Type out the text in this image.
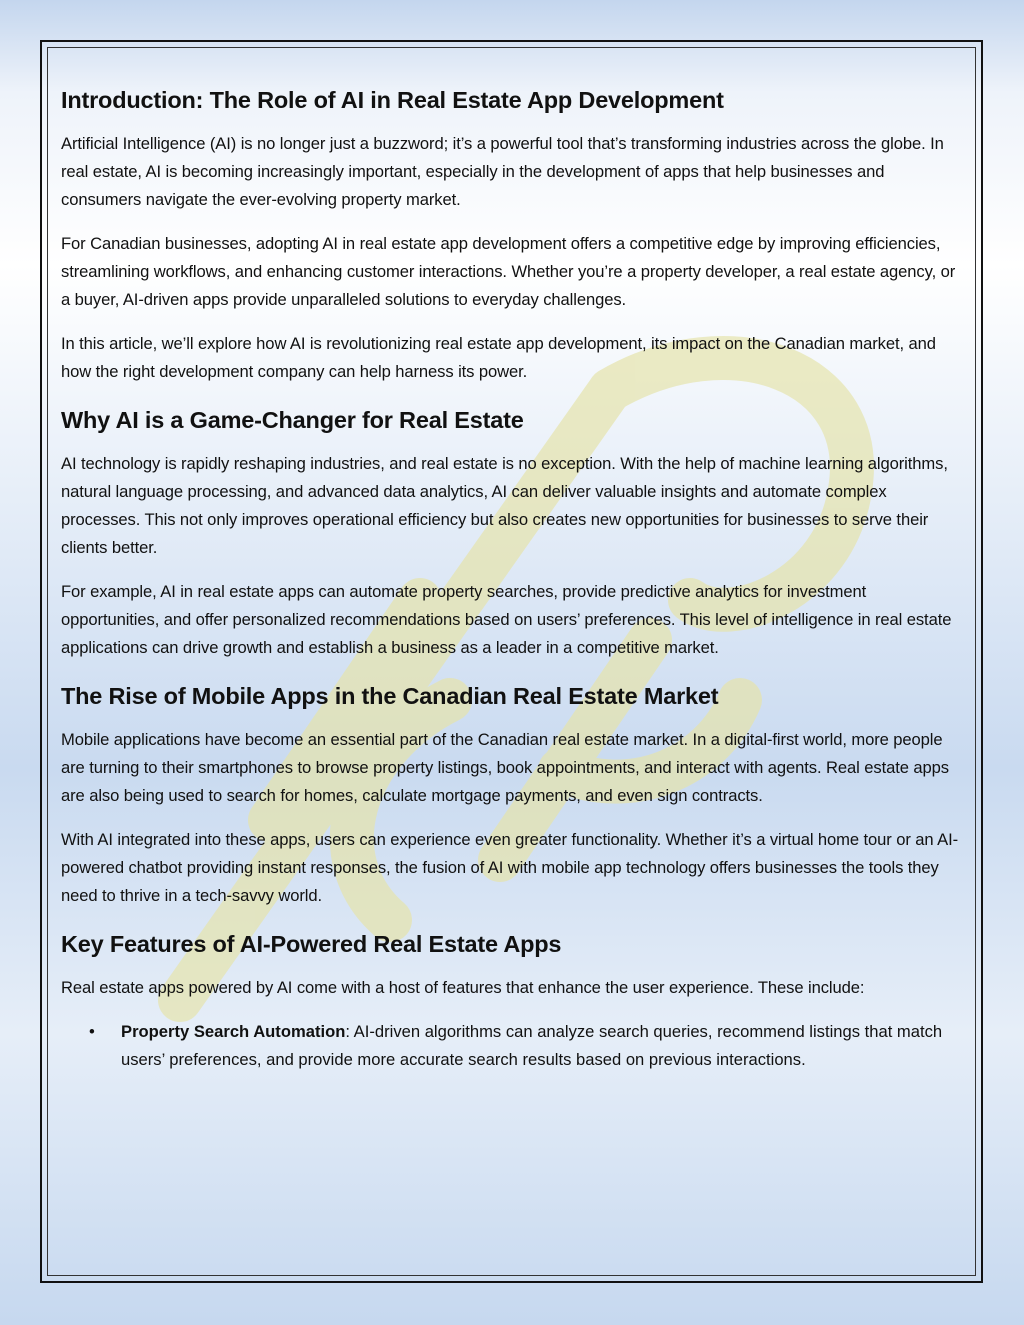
Introduction: The Role of AI in Real Estate App Development

Artificial Intelligence (AI) is no longer just a buzzword; it’s a powerful tool that’s transforming industries across the globe. In real estate, AI is becoming increasingly important, especially in the development of apps that help businesses and consumers navigate the ever-evolving property market.

For Canadian businesses, adopting AI in real estate app development offers a competitive edge by improving efficiencies, streamlining workflows, and enhancing customer interactions. Whether you’re a property developer, a real estate agency, or a buyer, AI-driven apps provide unparalleled solutions to everyday challenges.

In this article, we’ll explore how AI is revolutionizing real estate app development, its impact on the Canadian market, and how the right development company can help harness its power.

Why AI is a Game-Changer for Real Estate

AI technology is rapidly reshaping industries, and real estate is no exception. With the help of machine learning algorithms, natural language processing, and advanced data analytics, AI can deliver valuable insights and automate complex processes. This not only improves operational efficiency but also creates new opportunities for businesses to serve their clients better.

For example, AI in real estate apps can automate property searches, provide predictive analytics for investment opportunities, and offer personalized recommendations based on users’ preferences. This level of intelligence in real estate applications can drive growth and establish a business as a leader in a competitive market.

The Rise of Mobile Apps in the Canadian Real Estate Market

Mobile applications have become an essential part of the Canadian real estate market. In a digital-first world, more people are turning to their smartphones to browse property listings, book appointments, and interact with agents. Real estate apps are also being used to search for homes, calculate mortgage payments, and even sign contracts.

With AI integrated into these apps, users can experience even greater functionality. Whether it’s a virtual home tour or an AI-powered chatbot providing instant responses, the fusion of AI with mobile app technology offers businesses the tools they need to thrive in a tech-savvy world.

Key Features of AI-Powered Real Estate Apps

Real estate apps powered by AI come with a host of features that enhance the user experience. These include:

• Property Search Automation: AI-driven algorithms can analyze search queries, recommend listings that match users’ preferences, and provide more accurate search results based on previous interactions.
